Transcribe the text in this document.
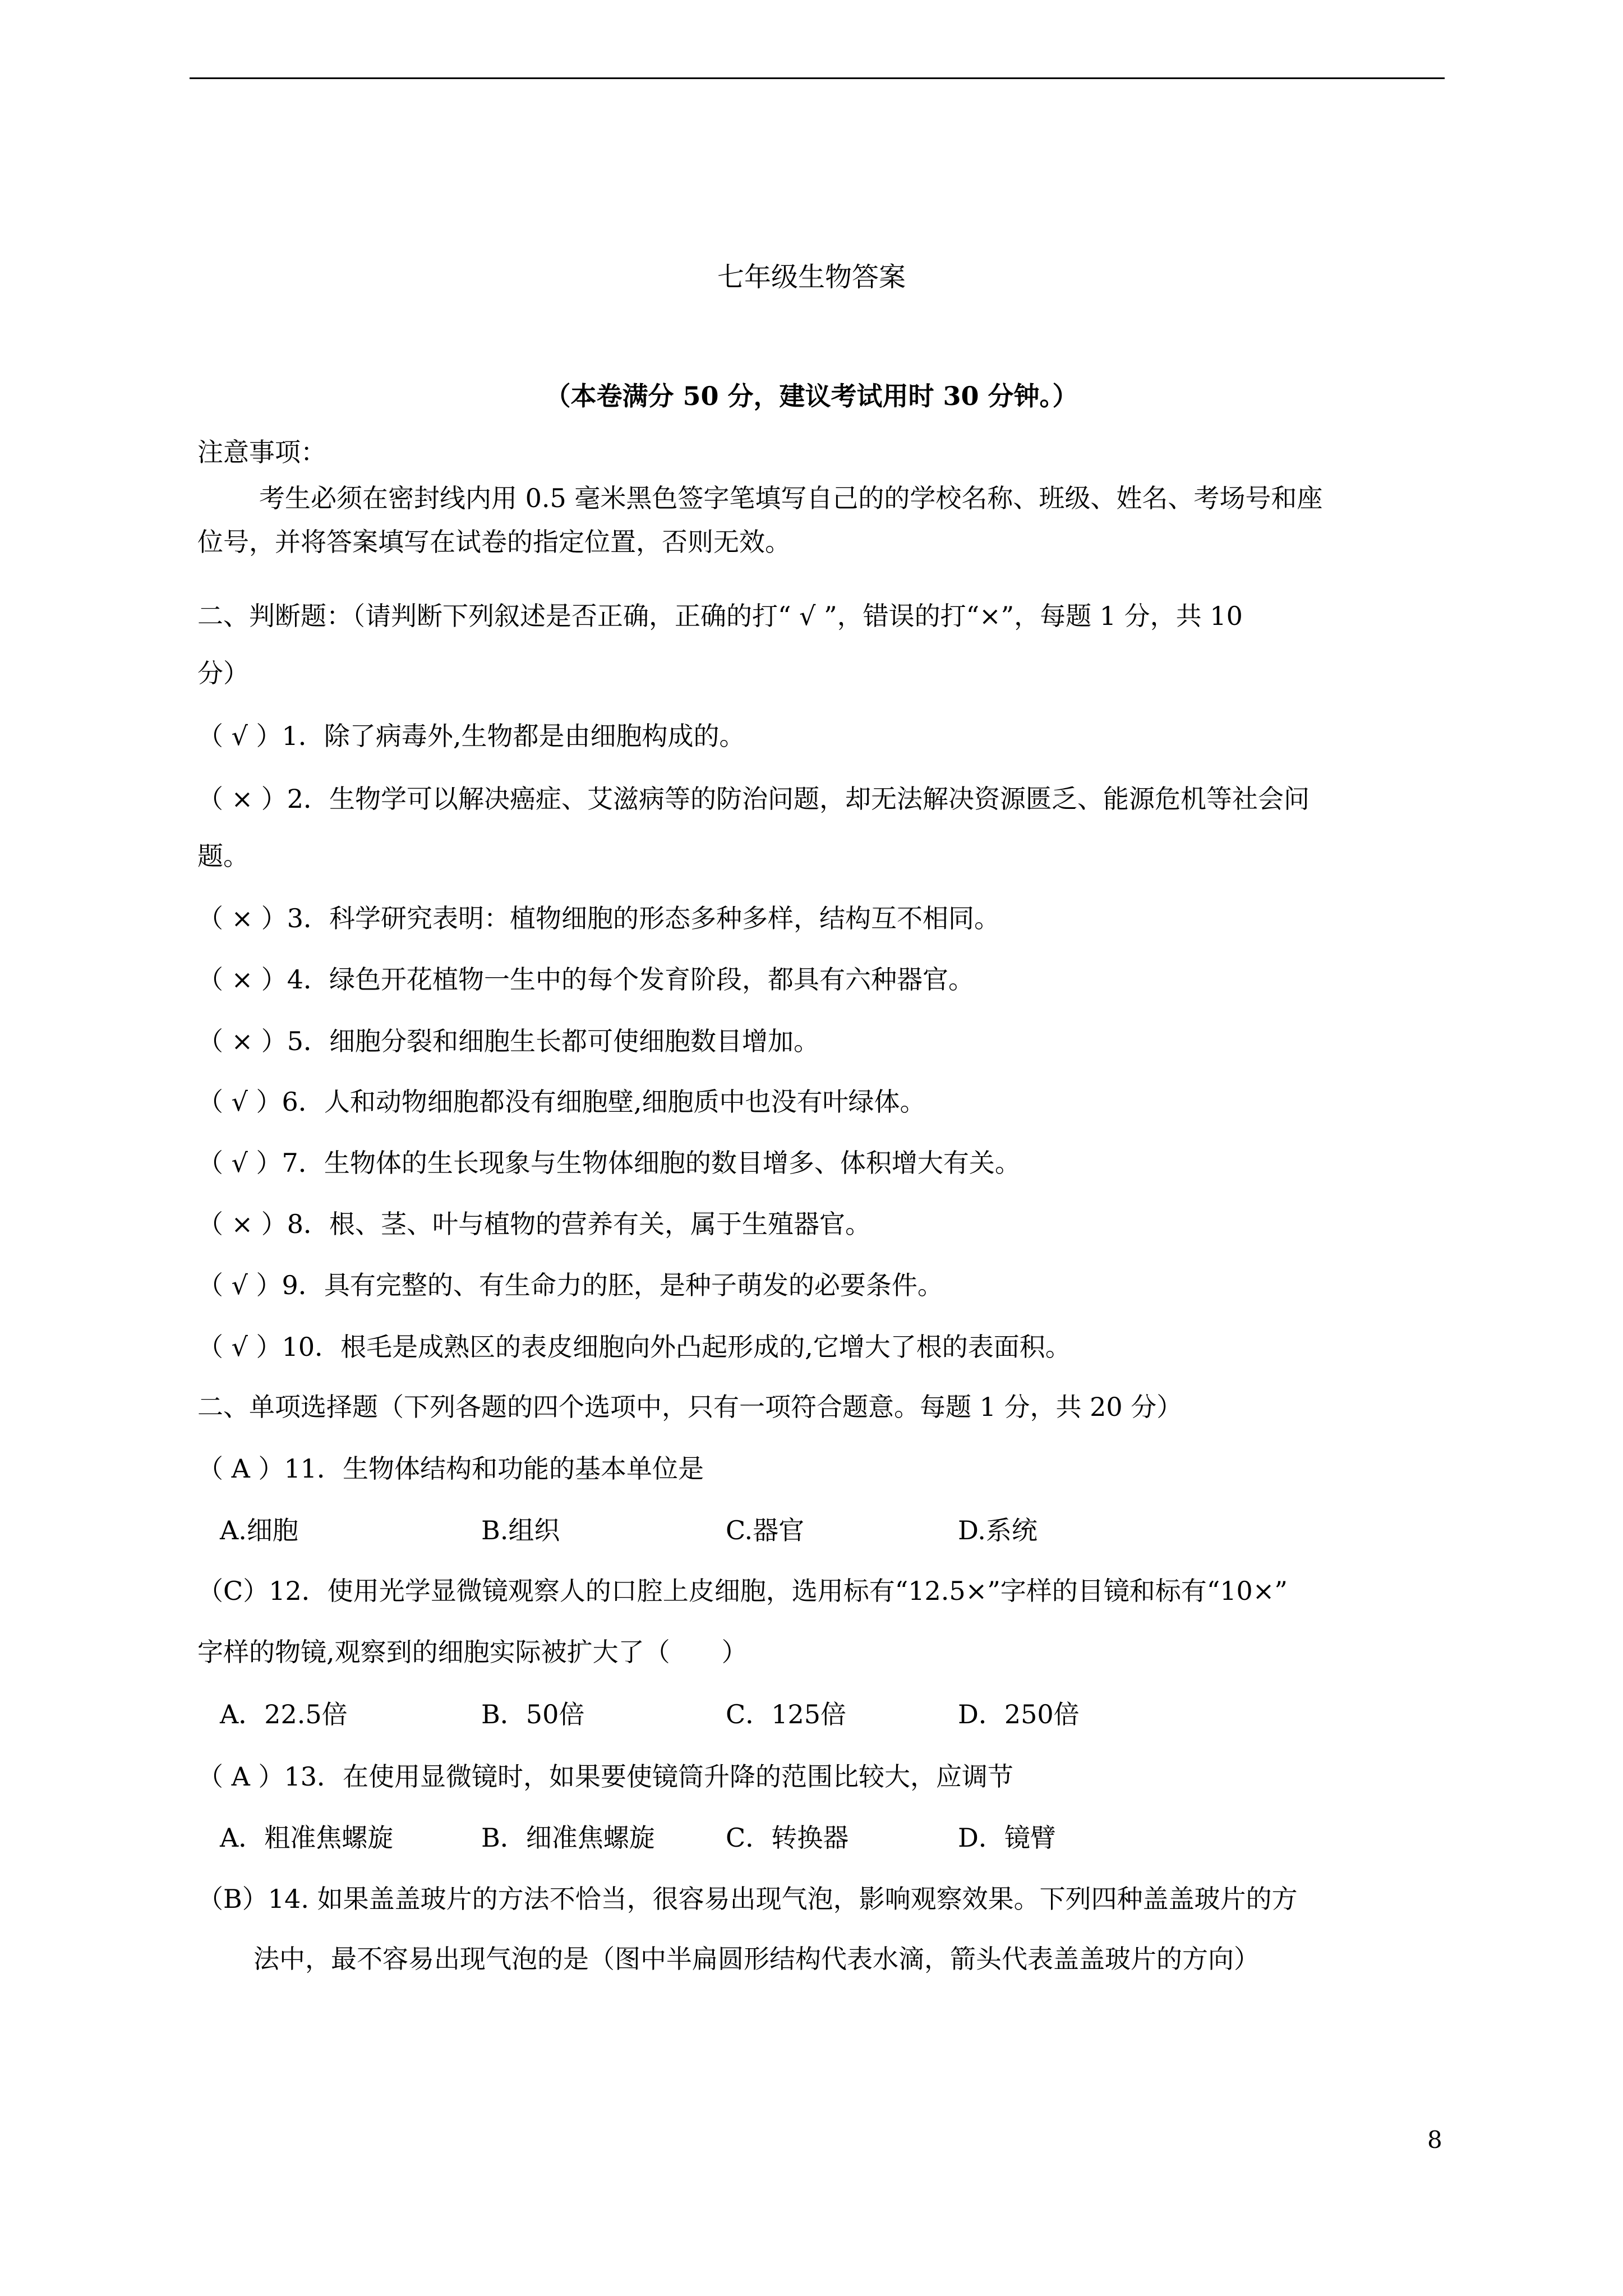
七年级生物答案
（本卷满分 50 分，建议考试用时 30 分钟。）
注意事项：
考生必须在密封线内用 0.5 毫米黑色签字笔填写自己的的学校名称、班级、姓名、考场号和座
位号，并将答案填写在试卷的指定位置，否则无效。
二、判断题：（请判断下列叙述是否正确，正确的打“ √ ”，错误的打“×”，每题 1 分，共 10
分）
（ √ ）1．除了病毒外,生物都是由细胞构成的。
（ × ）2．生物学可以解决癌症、艾滋病等的防治问题，却无法解决资源匮乏、能源危机等社会问
题。
（ × ）3．科学研究表明：植物细胞的形态多种多样，结构互不相同。
（ × ）4．绿色开花植物一生中的每个发育阶段，都具有六种器官。
（ × ）5．细胞分裂和细胞生长都可使细胞数目增加。
（ √ ）6．人和动物细胞都没有细胞壁,细胞质中也没有叶绿体。
（ √ ）7．生物体的生长现象与生物体细胞的数目增多、体积增大有关。
（ × ）8．根、茎、叶与植物的营养有关，属于生殖器官。
（ √ ）9．具有完整的、有生命力的胚，是种子萌发的必要条件。
（ √ ）10．根毛是成熟区的表皮细胞向外凸起形成的,它增大了根的表面积。
二、单项选择题（下列各题的四个选项中，只有一项符合题意。每题 1 分，共 20 分）
（ A ）11．生物体结构和功能的基本单位是
A.细胞	B.组织	C.器官	D.系统
（C）12．使用光学显微镜观察人的口腔上皮细胞，选用标有“12.5×”字样的目镜和标有“10×”
字样的物镜,观察到的细胞实际被扩大了（　　）
A．22.5倍	B．50倍	C．125倍	D．250倍
（ A ）13．在使用显微镜时，如果要使镜筒升降的范围比较大，应调节
A．粗准焦螺旋	B．细准焦螺旋	C．转换器	D．镜臂
（B）14. 如果盖盖玻片的方法不恰当，很容易出现气泡，影响观察效果。下列四种盖盖玻片的方
法中，最不容易出现气泡的是（图中半扁圆形结构代表水滴，箭头代表盖盖玻片的方向）
8
